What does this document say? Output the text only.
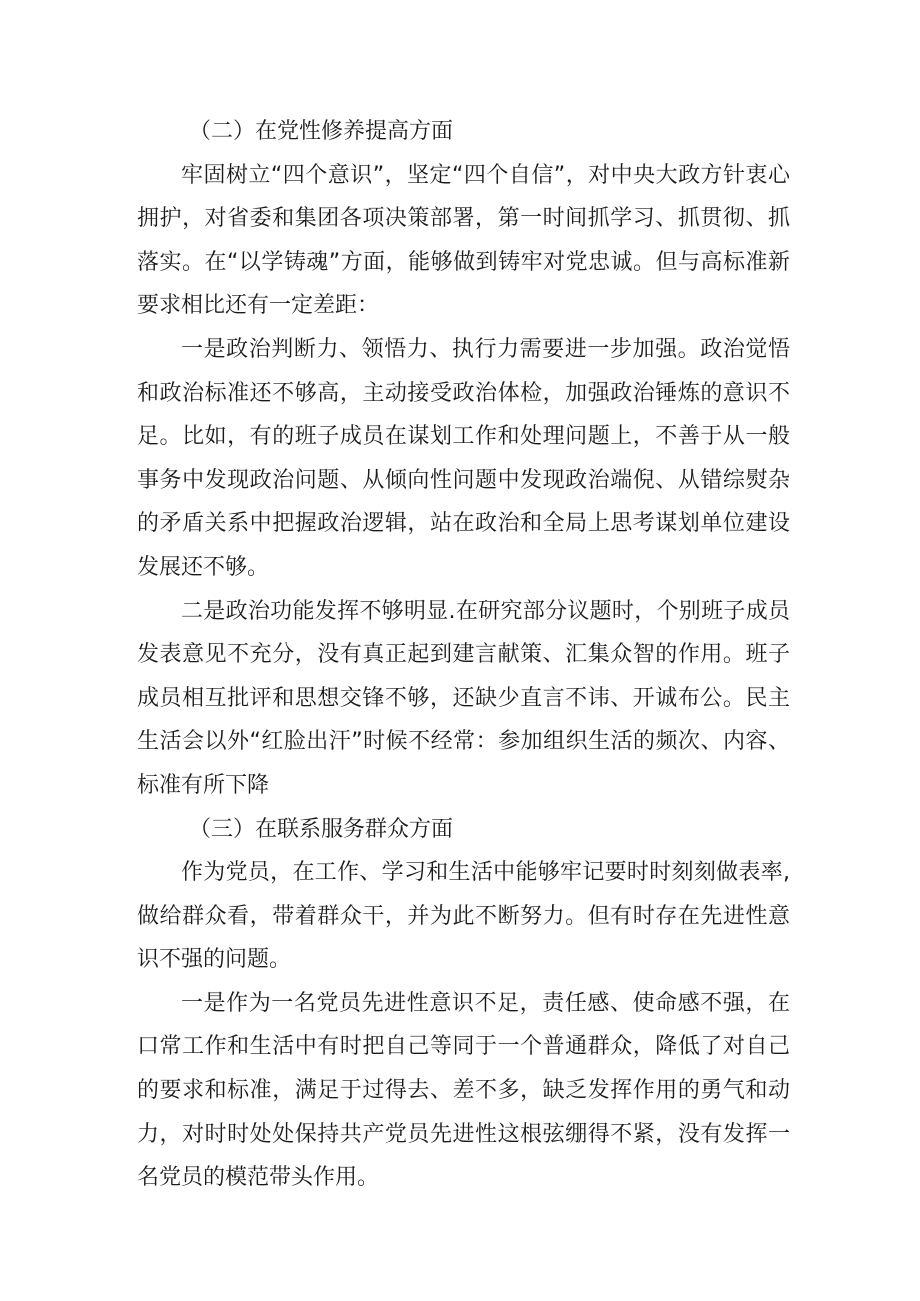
（二）在党性修养提高方面

牢固树立“四个意识”，坚定“四个自信”，对中央大政方针衷心拥护，对省委和集团各项决策部署，第一时间抓学习、抓贯彻、抓落实。在“以学铸魂”方面，能够做到铸牢对党忠诚。但与高标准新要求相比还有一定差距：

一是政治判断力、领悟力、执行力需要进一步加强。政治觉悟和政治标准还不够高，主动接受政治体检，加强政治锤炼的意识不足。比如，有的班子成员在谋划工作和处理问题上，不善于从一般事务中发现政治问题、从倾向性问题中发现政治端倪、从错综熨杂的矛盾关系中把握政治逻辑，站在政治和全局上思考谋划单位建设发展还不够。

二是政治功能发挥不够明显.在研究部分议题时，个别班子成员发表意见不充分，没有真正起到建言献策、汇集众智的作用。班子成员相互批评和思想交锋不够，还缺少直言不讳、开诚布公。民主生活会以外“红脸出汗”时候不经常：参加组织生活的频次、内容、标准有所下降

（三）在联系服务群众方面

作为党员，在工作、学习和生活中能够牢记要时时刻刻做表率,做给群众看，带着群众干，并为此不断努力。但有时存在先进性意识不强的问题。

一是作为一名党员先进性意识不足，责任感、使命感不强，在口常工作和生活中有时把自己等同于一个普通群众，降低了对自己的要求和标准，满足于过得去、差不多，缺乏发挥作用的勇气和动力，对时时处处保持共产党员先进性这根弦绷得不紧，没有发挥一名党员的模范带头作用。
